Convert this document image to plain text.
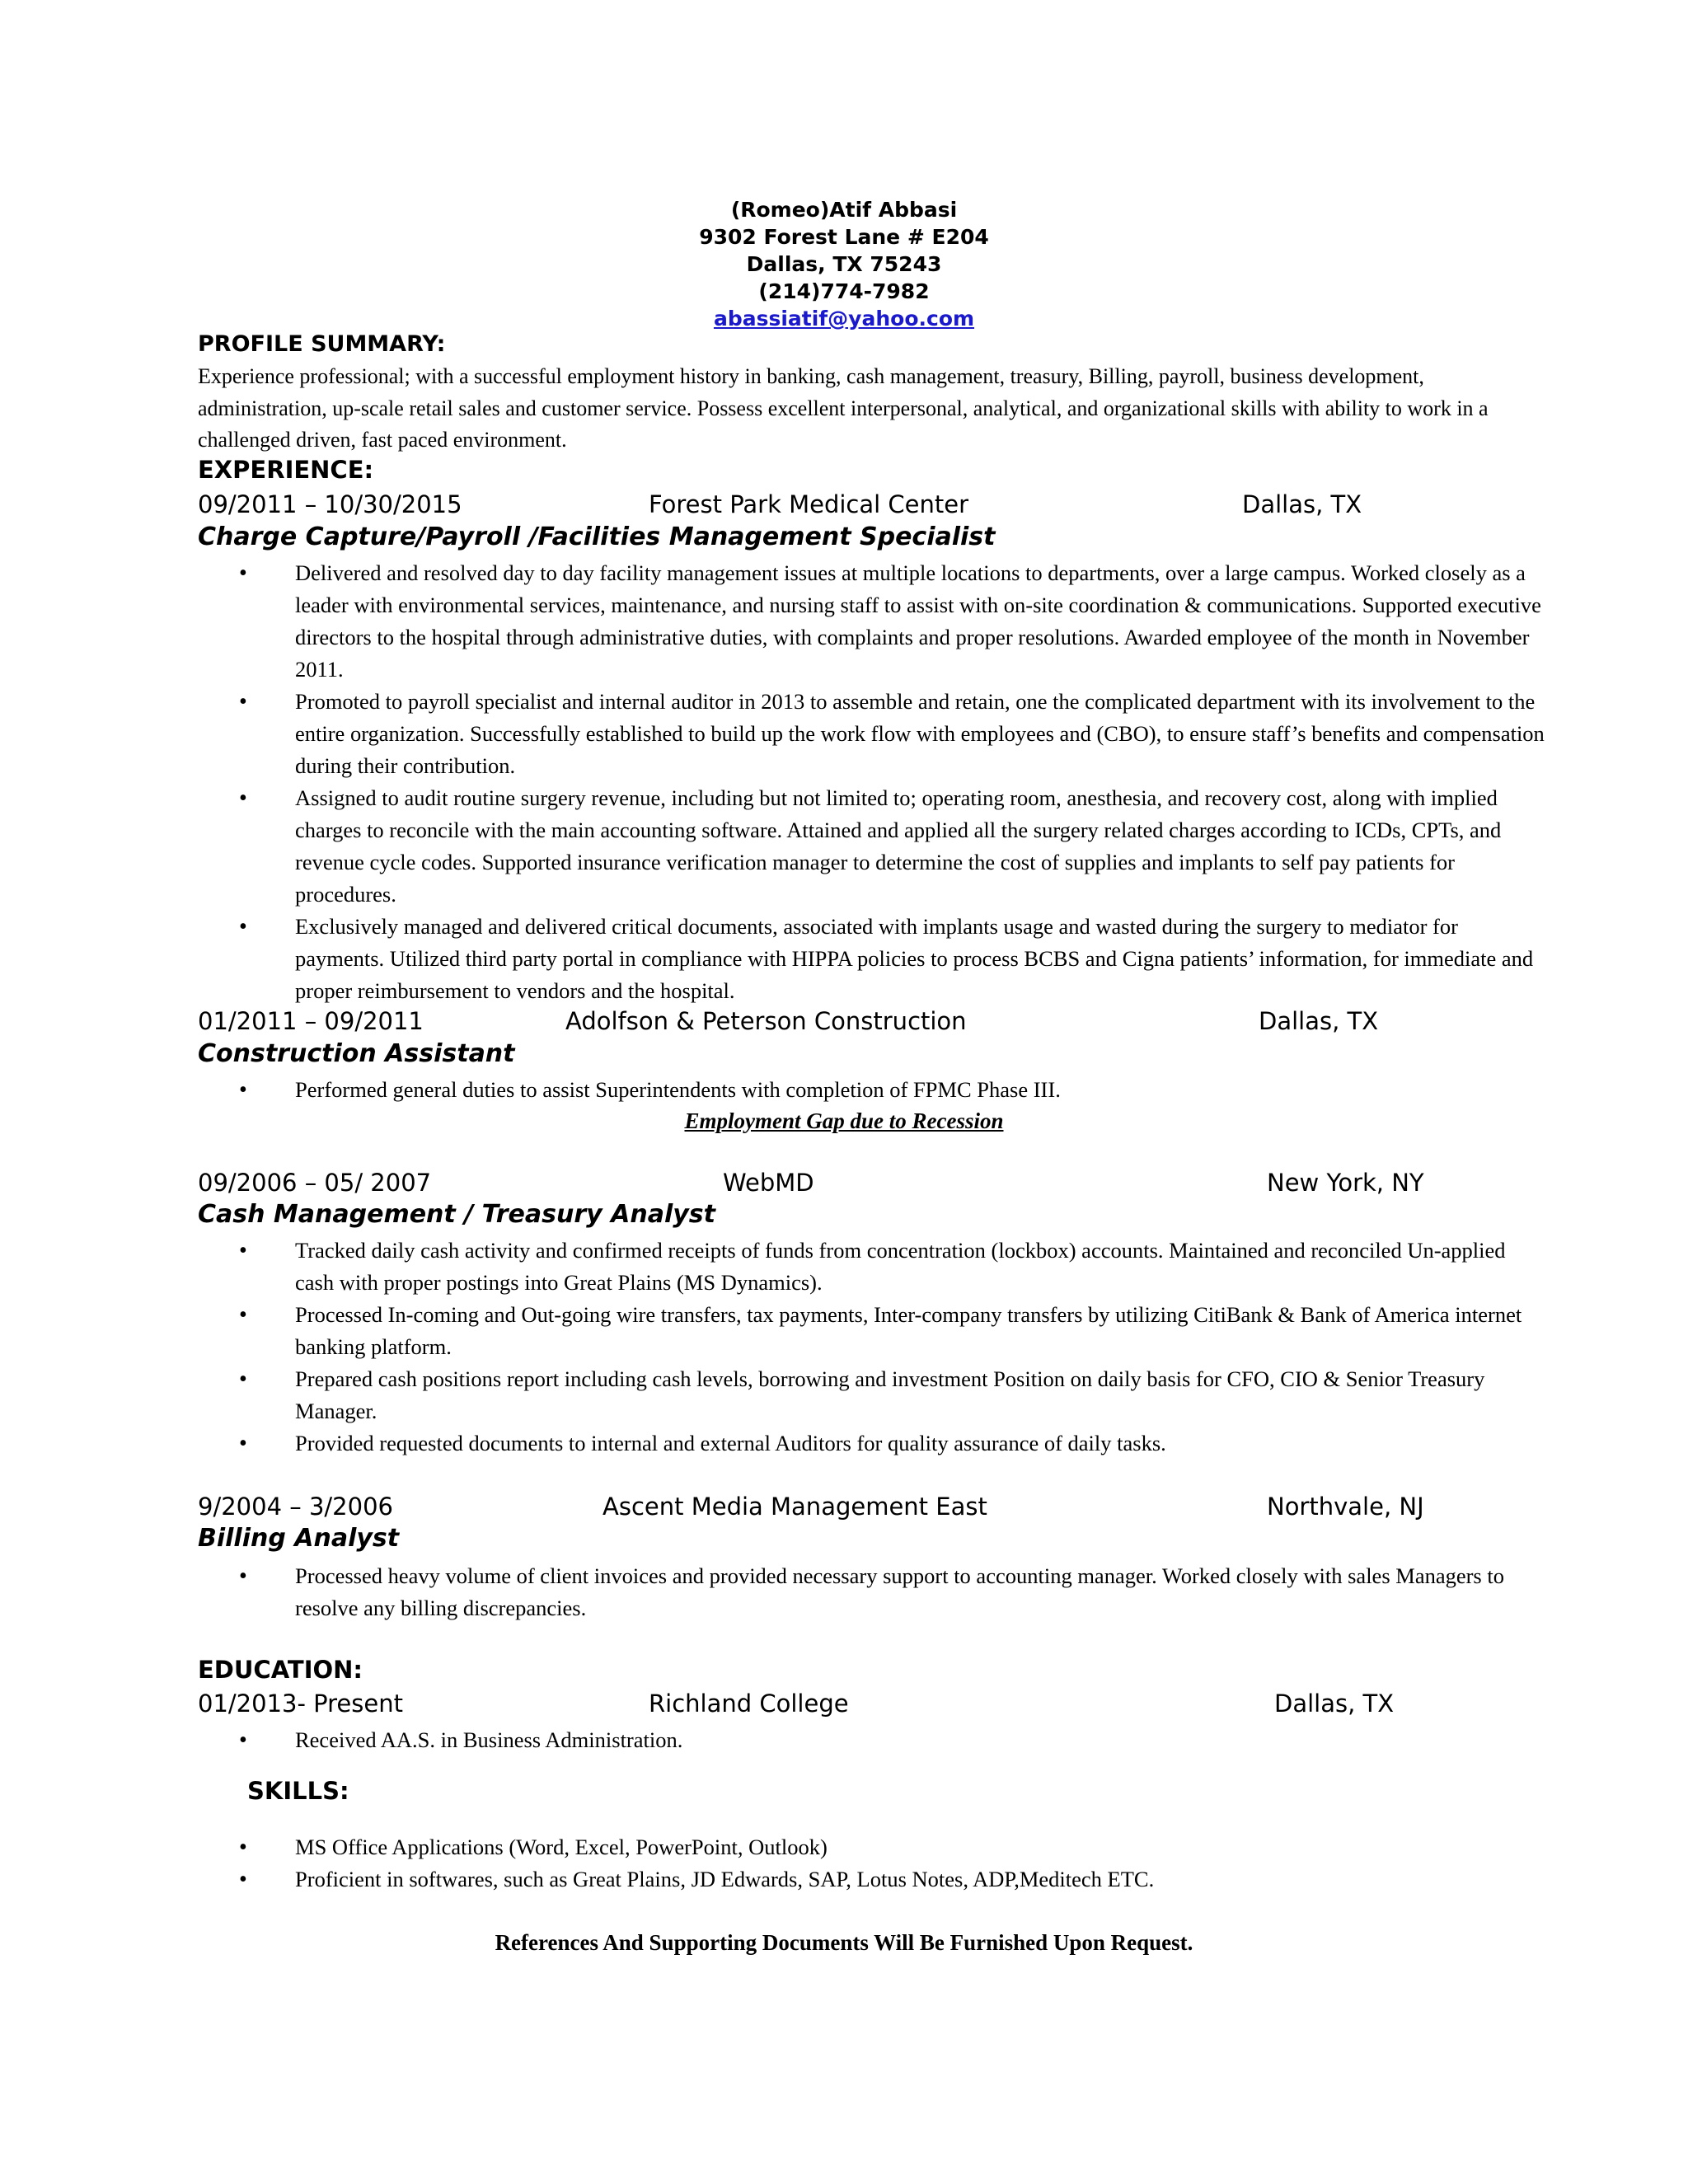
(Romeo)Atif Abbasi
9302 Forest Lane # E204
Dallas, TX 75243
(214)774-7982
abassiatif@yahoo.com
PROFILE SUMMARY:

Experience professional; with a successful employment history in banking, cash management, treasury, Billing, payroll, business development, administration, up-scale retail sales and customer service. Possess excellent interpersonal, analytical, and organizational skills with ability to work in a challenged driven, fast paced environment.

EXPERIENCE:
09/2011 – 10/30/2015	Forest Park Medical Center	Dallas, TX
Charge Capture/Payroll /Facilities Management Specialist
• Delivered and resolved day to day facility management issues at multiple locations to departments, over a large campus. Worked closely as a leader with environmental services, maintenance, and nursing staff to assist with on-site coordination & communications. Supported executive directors to the hospital through administrative duties, with complaints and proper resolutions. Awarded employee of the month in November 2011.
• Promoted to payroll specialist and internal auditor in 2013 to assemble and retain, one the complicated department with its involvement to the entire organization. Successfully established to build up the work flow with employees and (CBO), to ensure staff’s benefits and compensation during their contribution.
• Assigned to audit routine surgery revenue, including but not limited to; operating room, anesthesia, and recovery cost, along with implied charges to reconcile with the main accounting software. Attained and applied all the surgery related charges according to ICDs, CPTs, and revenue cycle codes. Supported insurance verification manager to determine the cost of supplies and implants to self pay patients for procedures.
• Exclusively managed and delivered critical documents, associated with implants usage and wasted during the surgery to mediator for payments. Utilized third party portal in compliance with HIPPA policies to process BCBS and Cigna patients’ information, for immediate and proper reimbursement to vendors and the hospital.
01/2011 – 09/2011	Adolfson & Peterson Construction	Dallas, TX
Construction Assistant
• Performed general duties to assist Superintendents with completion of FPMC Phase III.
Employment Gap due to Recession
09/2006 – 05/ 2007	WebMD	New York, NY
Cash Management / Treasury Analyst
• Tracked daily cash activity and confirmed receipts of funds from concentration (lockbox) accounts. Maintained and reconciled Un-applied cash with proper postings into Great Plains (MS Dynamics).
• Processed In-coming and Out-going wire transfers, tax payments, Inter-company transfers by utilizing CitiBank & Bank of America internet banking platform.
• Prepared cash positions report including cash levels, borrowing and investment Position on daily basis for CFO, CIO & Senior Treasury Manager.
• Provided requested documents to internal and external Auditors for quality assurance of daily tasks.
9/2004 – 3/2006	Ascent Media Management East	Northvale, NJ
Billing Analyst
• Processed heavy volume of client invoices and provided necessary support to accounting manager. Worked closely with sales Managers to resolve any billing discrepancies.
EDUCATION:
01/2013- Present	Richland College	Dallas, TX
• Received AA.S. in Business Administration.
SKILLS:
• MS Office Applications (Word, Excel, PowerPoint, Outlook)
• Proficient in softwares, such as Great Plains, JD Edwards, SAP, Lotus Notes, ADP,Meditech ETC.
References And Supporting Documents Will Be Furnished Upon Request.
